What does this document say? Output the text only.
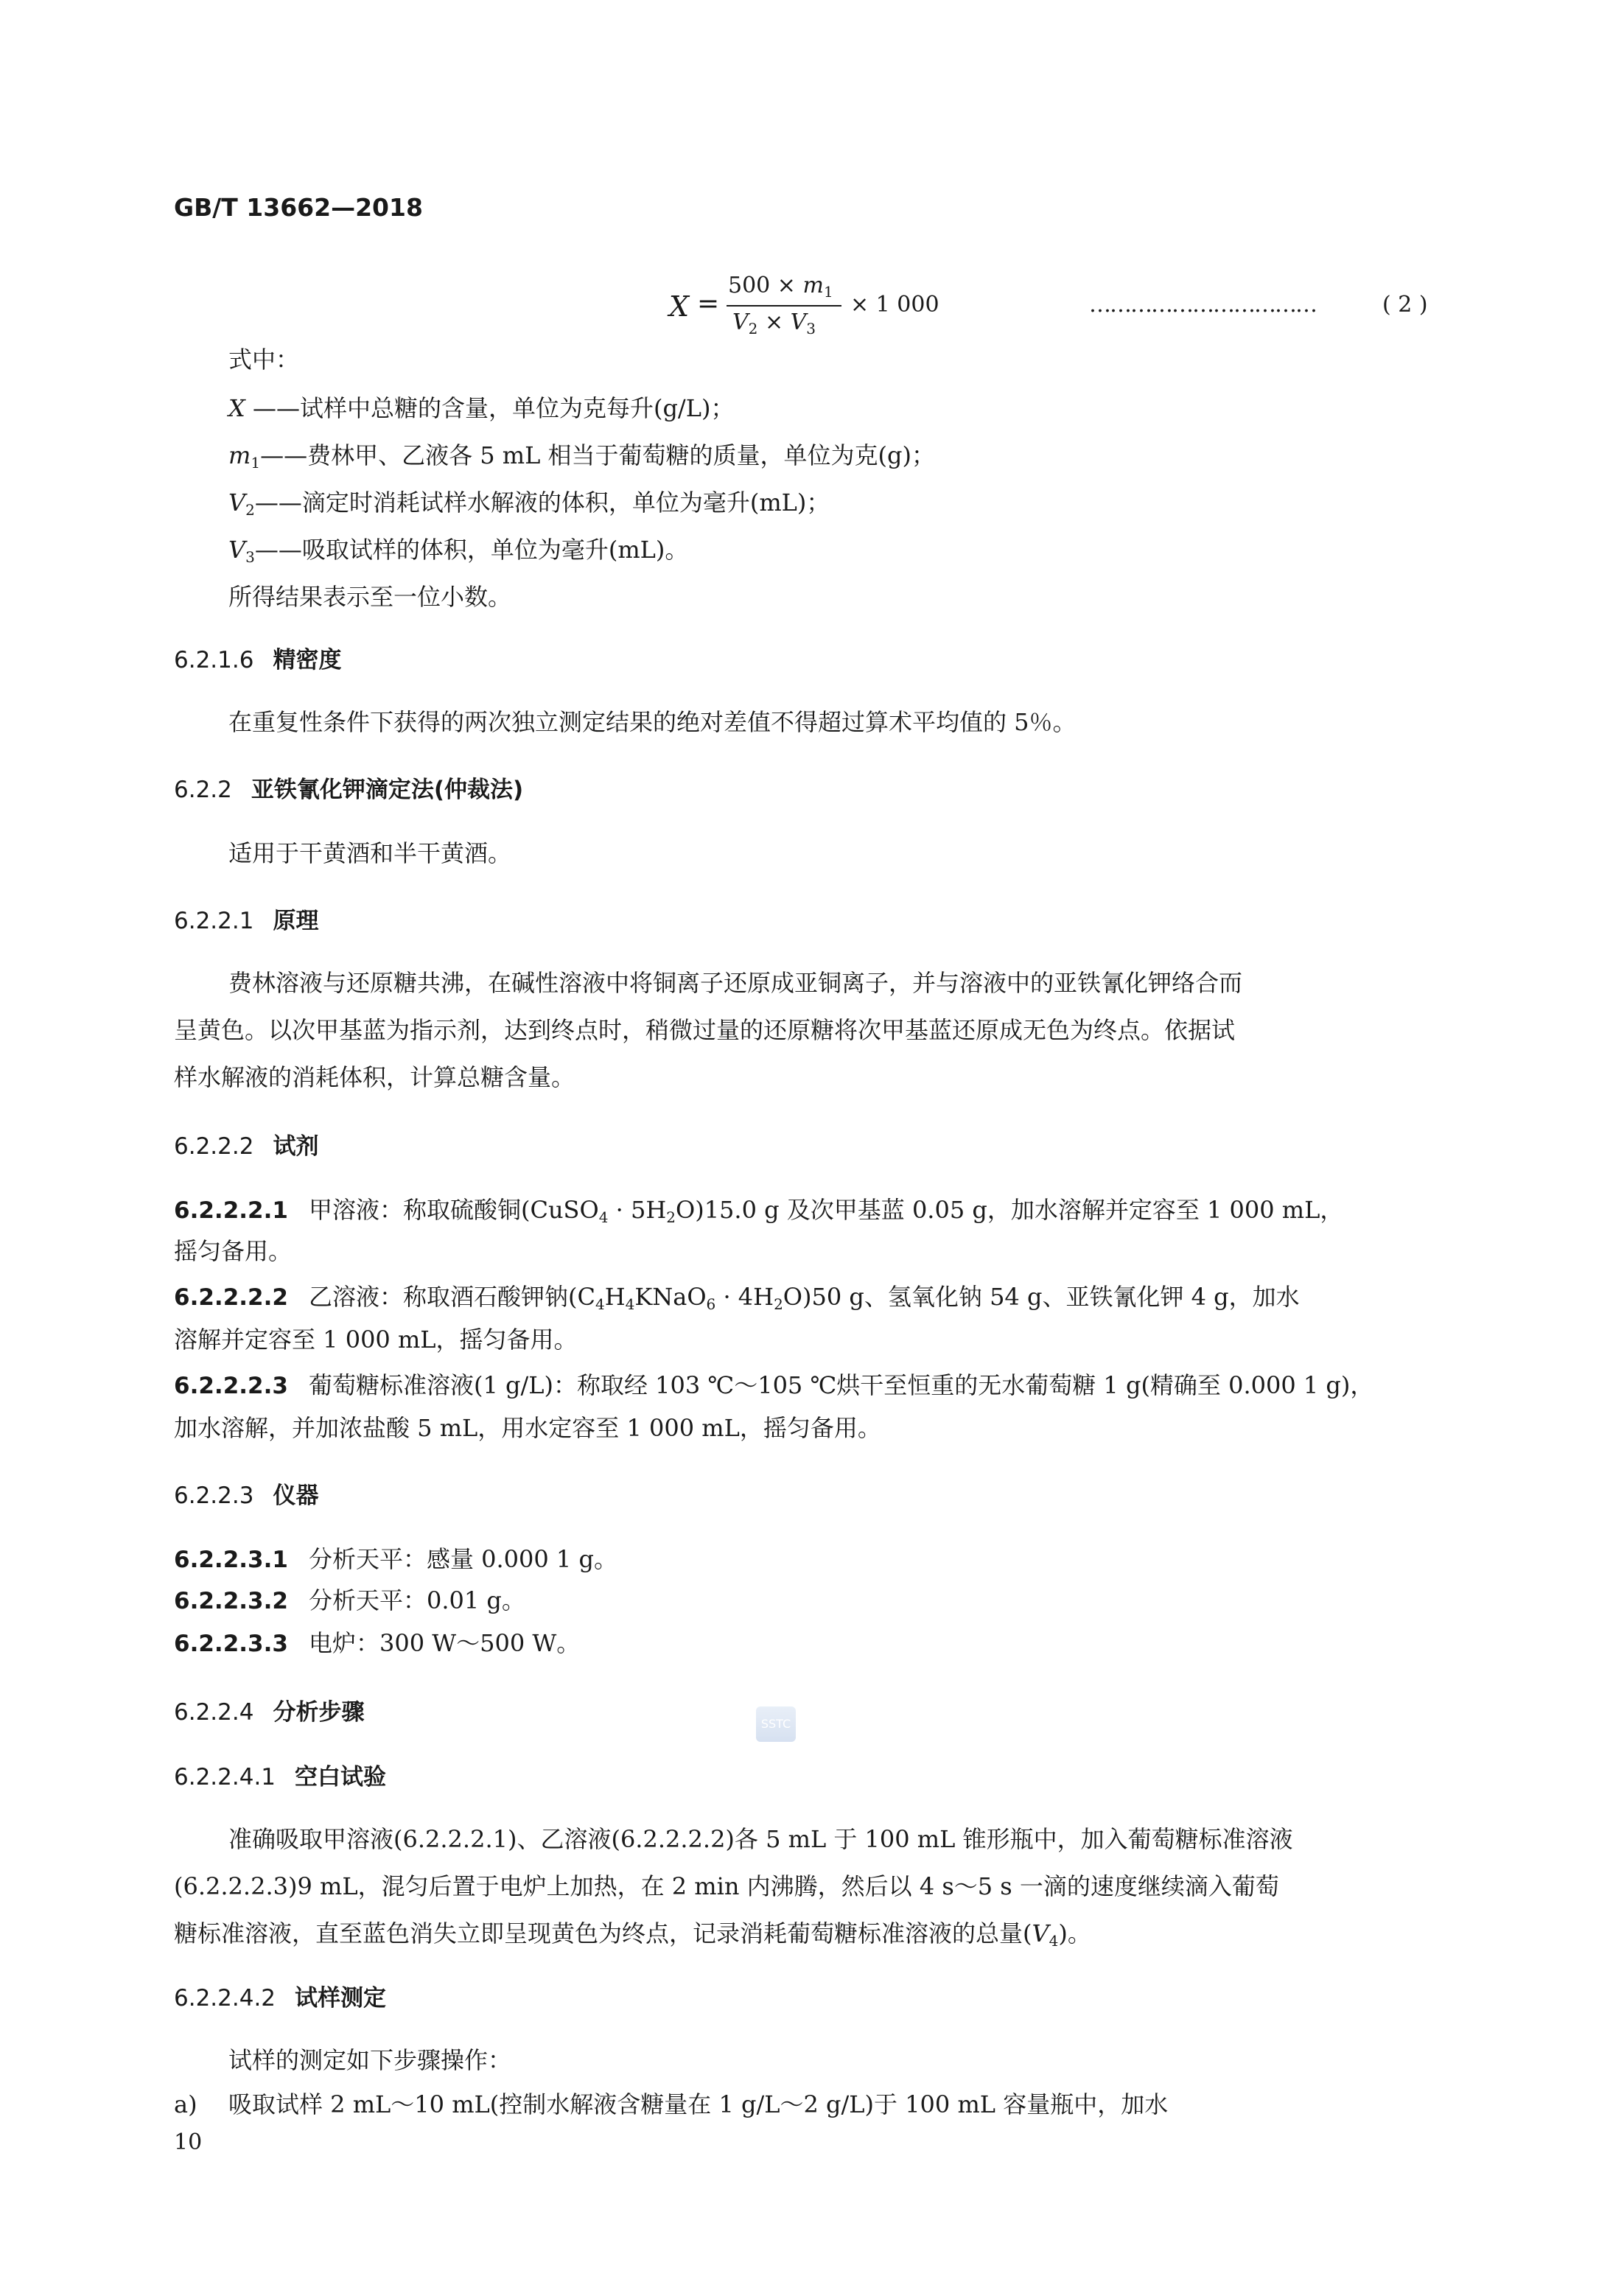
GB/T 13662—2018
X =
$500 \times m_1$
$V_2 \times V_3$
× 1 000	……………………………	( 2 )
式中：
X ——试样中总糖的含量，单位为克每升(g/L)；
$m_1——$费林甲、乙液各 5 mL 相当于葡萄糖的质量，单位为克(g)；
$V_2——$滴定时消耗试样水解液的体积，单位为毫升(mL)；
$V_3——$吸取试样的体积，单位为毫升(mL)。
所得结果表示至一位小数。
6.2.1.6 精密度
在重复性条件下获得的两次独立测定结果的绝对差值不得超过算术平均值的 5％。
6.2.2 亚铁氰化钾滴定法(仲裁法)
适用于干黄酒和半干黄酒。
6.2.2.1 原理
费林溶液与还原糖共沸，在碱性溶液中将铜离子还原成亚铜离子，并与溶液中的亚铁氰化钾络合而
呈黄色。以次甲基蓝为指示剂，达到终点时，稍微过量的还原糖将次甲基蓝还原成无色为终点。依据试
样水解液的消耗体积，计算总糖含量。
6.2.2.2 试剂
6.2.2.2.1 甲溶液：称取硫酸铜(CuSO$_4$ · $5H_2O)15.0$ g 及次甲基蓝 0.05 g，加水溶解并定容至 1 000 mL，
摇匀备用。
6.2.2.2.2 乙溶液：称取酒石酸钾钠$(C_4H_4KNaO_6 \cdot 4H_2O)50$ g、氢氧化钠 54 g、亚铁氰化钾 4 g，加水
溶解并定容至 1 000 mL，摇匀备用。
6.2.2.2.3 葡萄糖标准溶液(1 g/L)：称取经 103 ℃～105 ℃烘干至恒重的无水葡萄糖 1 g(精确至 0.000 1 g)，
加水溶解，并加浓盐酸 5 mL，用水定容至 1 000 mL，摇匀备用。
6.2.2.3 仪器
6.2.2.3.1 分析天平：感量 0.000 1 g。
6.2.2.3.2 分析天平：0.01 g。
6.2.2.3.3 电炉：300 W～500 W。
6.2.2.4 分析步骤	SSTC
6.2.2.4.1 空白试验
准确吸取甲溶液(6.2.2.2.1)、乙溶液(6.2.2.2.2)各 5 mL 于 100 mL 锥形瓶中，加入葡萄糖标准溶液
(6.2.2.2.3)9 mL，混匀后置于电炉上加热，在 2 min 内沸腾，然后以 4 s～5 s 一滴的速度继续滴入葡萄
糖标准溶液，直至蓝色消失立即呈现黄色为终点，记录消耗葡萄糖标准溶液的总量$(V_4)$。
6.2.2.4.2 试样测定
试样的测定如下步骤操作：
a) 吸取试样 2 mL～10 mL(控制水解液含糖量在 1 g/L～2 g/L)于 100 mL 容量瓶中，加水
10
